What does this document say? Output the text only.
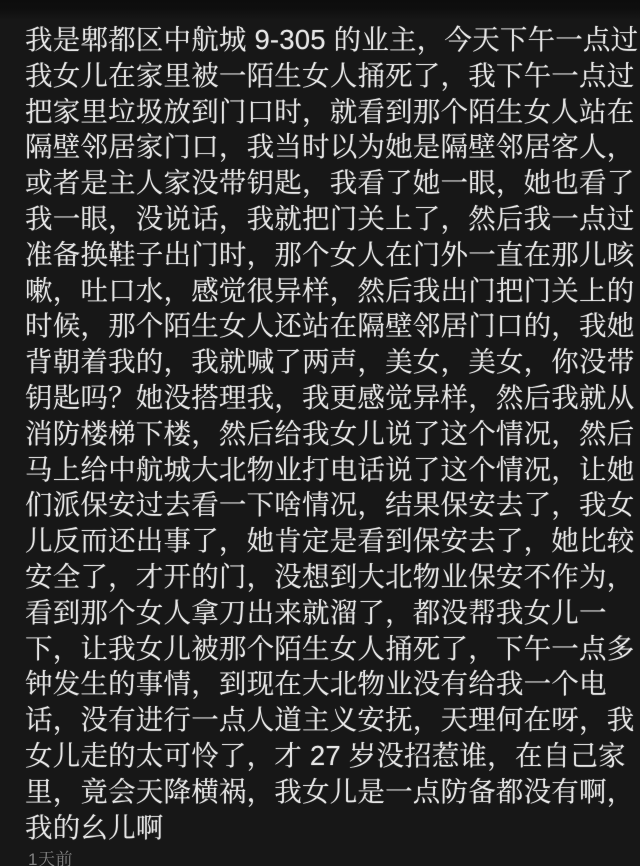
我是郫都区中航城 9-305 的业主，今天下午一点过
我女儿在家里被一陌生女人捅死了，我下午一点过
把家里垃圾放到门口时，就看到那个陌生女人站在
隔壁邻居家门口，我当时以为她是隔壁邻居客人，
或者是主人家没带钥匙，我看了她一眼，她也看了
我一眼，没说话，我就把门关上了，然后我一点过
准备换鞋子出门时，那个女人在门外一直在那儿咳
嗽，吐口水，感觉很异样，然后我出门把门关上的
时候，那个陌生女人还站在隔壁邻居门口的，我她
背朝着我的，我就喊了两声，美女，美女，你没带
钥匙吗？她没搭理我，我更感觉异样，然后我就从
消防楼梯下楼，然后给我女儿说了这个情况，然后
马上给中航城大北物业打电话说了这个情况，让她
们派保安过去看一下啥情况，结果保安去了，我女
儿反而还出事了，她肯定是看到保安去了，她比较
安全了，才开的门，没想到大北物业保安不作为，
看到那个女人拿刀出来就溜了，都没帮我女儿一
下，让我女儿被那个陌生女人捅死了，下午一点多
钟发生的事情，到现在大北物业没有给我一个电
话，没有进行一点人道主义安抚，天理何在呀，我
女儿走的太可怜了，才 27 岁没招惹谁，在自己家
里，竟会天降横祸，我女儿是一点防备都没有啊，
我的幺儿啊
1天前
